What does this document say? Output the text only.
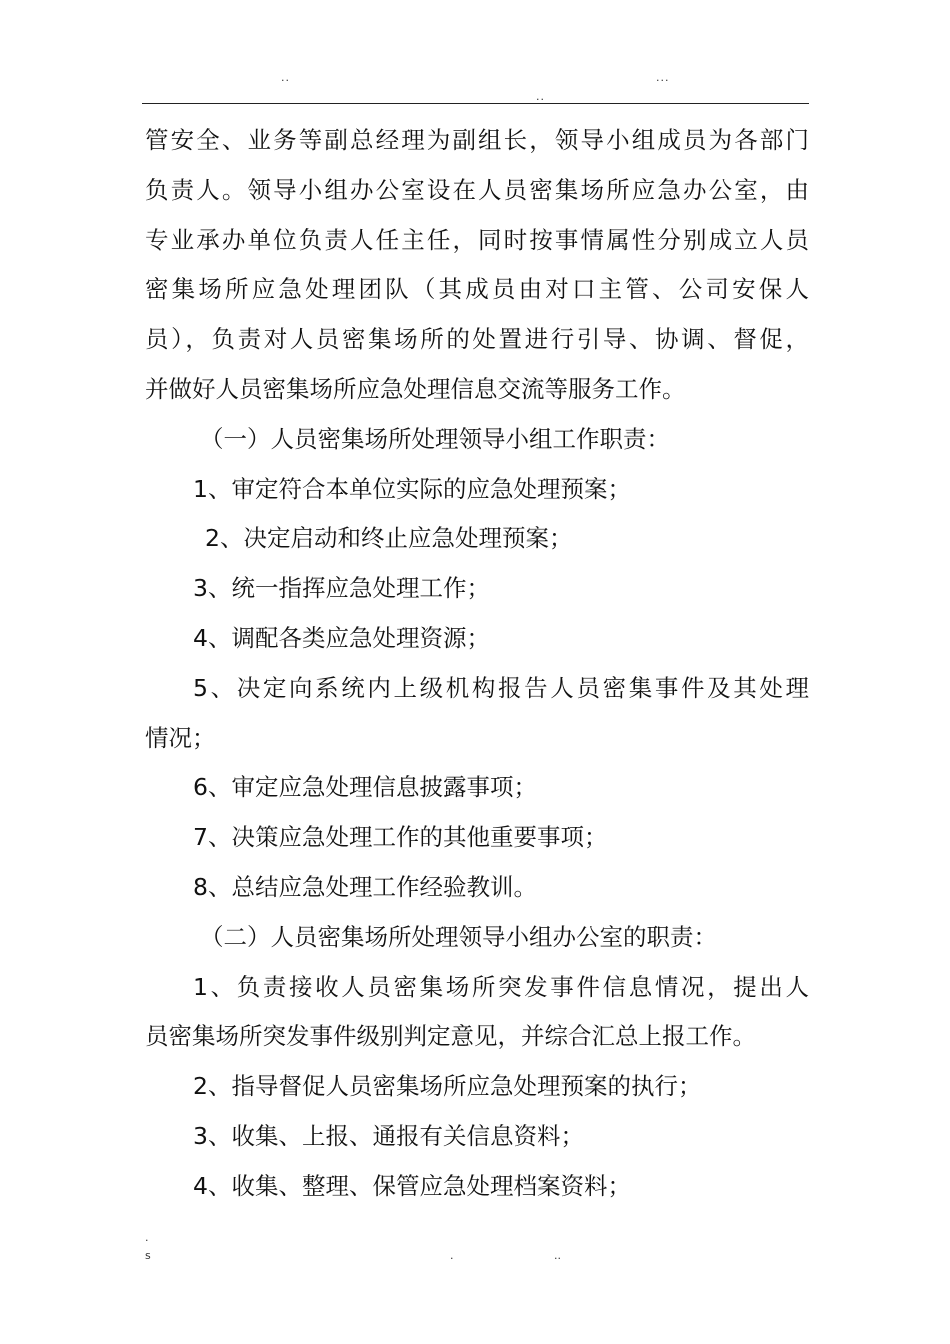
..	...
..
管安全、业务等副总经理为副组长，领导小组成员为各部门
负责人。领导小组办公室设在人员密集场所应急办公室，由
专业承办单位负责人任主任，同时按事情属性分别成立人员
密集场所应急处理团队（其成员由对口主管、公司安保人
员），负责对人员密集场所的处置进行引导、协调、督促，
并做好人员密集场所应急处理信息交流等服务工作。
（一）人员密集场所处理领导小组工作职责：
1、审定符合本单位实际的应急处理预案；
2、决定启动和终止应急处理预案；
3、统一指挥应急处理工作；
4、调配各类应急处理资源；
5、决定向系统内上级机构报告人员密集事件及其处理
情况；
6、审定应急处理信息披露事项；
7、决策应急处理工作的其他重要事项；
8、总结应急处理工作经验教训。
（二）人员密集场所处理领导小组办公室的职责：
1、负责接收人员密集场所突发事件信息情况，提出人
员密集场所突发事件级别判定意见，并综合汇总上报工作。
2、指导督促人员密集场所应急处理预案的执行；
3、收集、上报、通报有关信息资料；
4、收集、整理、保管应急处理档案资料；
.
s	.	..
